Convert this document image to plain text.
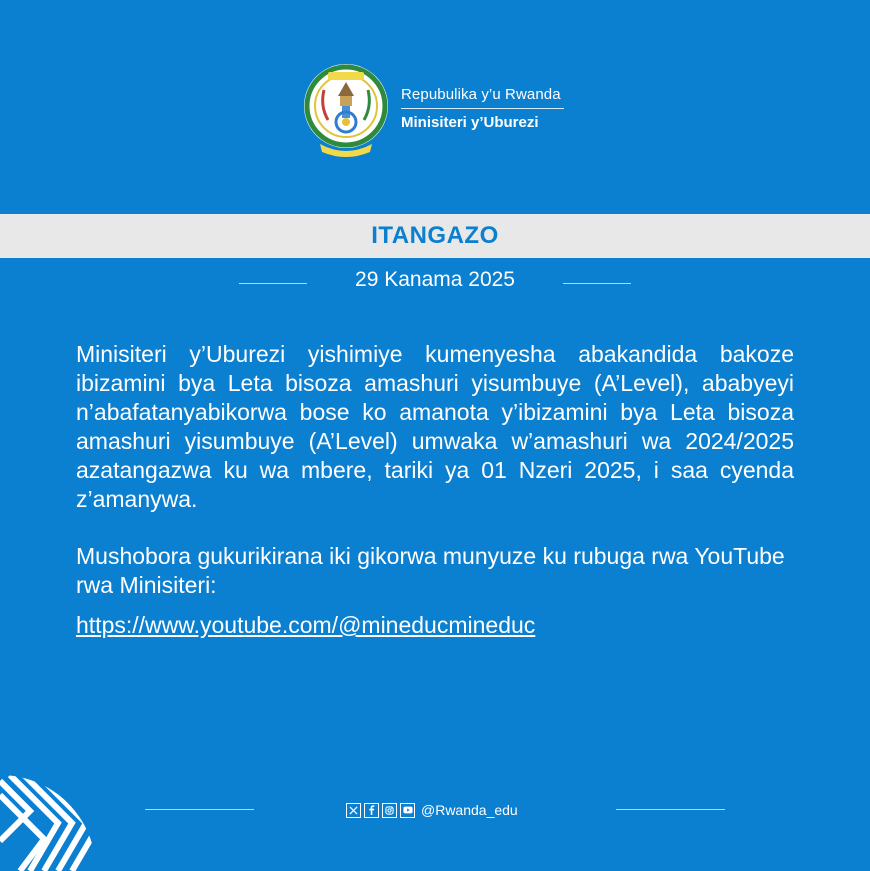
Repubulika y’u Rwanda
Minisiteri y’Uburezi
ITANGAZO
29 Kanama 2025

Minisiteri y’Uburezi yishimiye kumenyesha abakandida bakoze ibizamini bya Leta bisoza amashuri yisumbuye (A’Level), ababyeyi n’abafatanyabikorwa bose ko amanota y’ibizamini bya Leta bisoza amashuri yisumbuye (A’Level) umwaka w’amashuri wa 2024/2025 azatangazwa ku wa mbere, tariki ya 01 Nzeri 2025, i saa cyenda z’amanywa.

Mushobora gukurikirana iki gikorwa munyuze ku rubuga rwa YouTube rwa Minisiteri:

https://www.youtube.com/@mineducmineduc
@Rwanda_edu
